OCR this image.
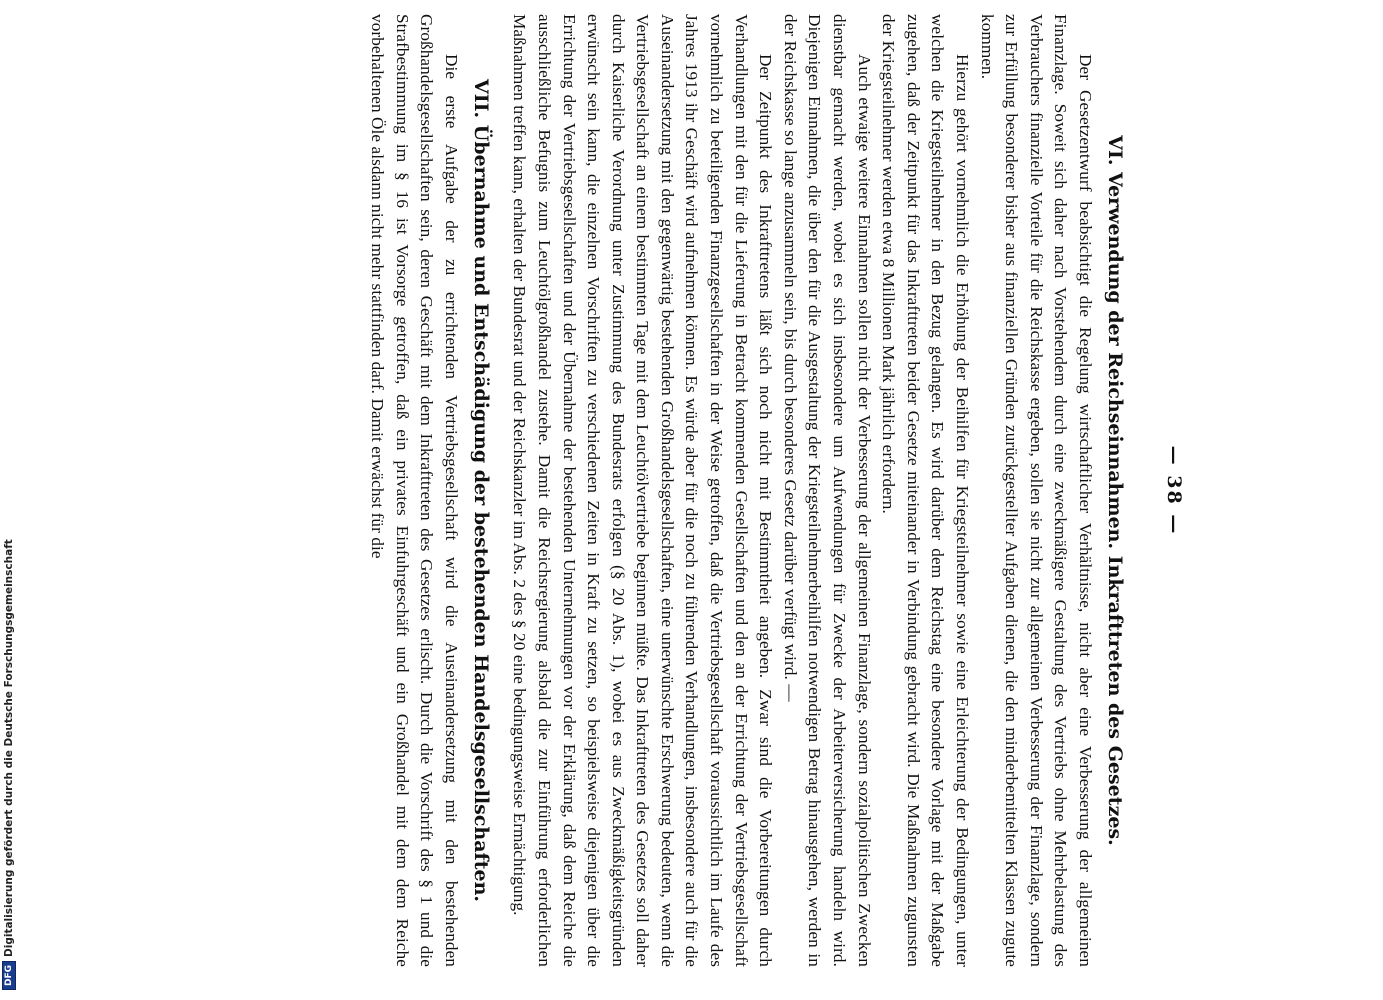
— 38 —
VI. Verwendung der Reichseinnahmen. Inkrafttreten des Gesetzes.

Der Gesetzentwurf beabsichtigt die Regelung wirtschaftlicher Verhältnisse, nicht aber eine Verbesserung der allgemeinen Finanzlage. Soweit sich daher nach Vorstehendem durch eine zweckmäßigere Gestaltung des Vertriebs ohne Mehrbelastung des Verbrauchers finanzielle Vorteile für die Reichskasse ergeben, sollen sie nicht zur allgemeinen Verbesserung der Finanzlage, sondern zur Erfüllung besonderer bisher aus finanziellen Gründen zurückgestellter Aufgaben dienen, die den minderbemittelten Klassen zugute kommen.

Hierzu gehört vornehmlich die Erhöhung der Beihilfen für Kriegsteilnehmer sowie eine Erleichterung der Bedingungen, unter welchen die Kriegsteilnehmer in den Bezug gelangen. Es wird darüber dem Reichstag eine besondere Vorlage mit der Maßgabe zugehen, daß der Zeitpunkt für das Inkrafttreten beider Gesetze miteinander in Verbindung gebracht wird. Die Maßnahmen zugunsten der Kriegsteilnehmer werden etwa 8 Millionen Mark jährlich erfordern.

Auch etwaige weitere Einnahmen sollen nicht der Verbesserung der allgemeinen Finanzlage, sondern sozialpolitischen Zwecken dienstbar gemacht werden, wobei es sich insbesondere um Aufwendungen für Zwecke der Arbeiterversicherung handeln wird. Diejenigen Einnahmen, die über den für die Ausgestaltung der Kriegsteilnehmerbeihilfen notwendigen Betrag hinausgehen, werden in der Reichskasse so lange anzusammeln sein, bis durch besonderes Gesetz darüber verfügt wird. —

Der Zeitpunkt des Inkrafttretens läßt sich noch nicht mit Bestimmtheit angeben. Zwar sind die Vorbereitungen durch Verhandlungen mit den für die Lieferung in Betracht kommenden Gesellschaften und den an der Errichtung der Vertriebsgesellschaft vornehmlich zu beteiligenden Finanzgesellschaften in der Weise getroffen, daß die Vertriebsgesellschaft voraussichtlich im Laufe des Jahres 1913 ihr Geschäft wird aufnehmen können. Es würde aber für die noch zu führenden Verhandlungen, insbesondere auch für die Auseinandersetzung mit den gegenwärtig bestehenden Großhandelsgesellschaften, eine unerwünschte Erschwerung bedeuten, wenn die Vertriebsgesellschaft an einem bestimmten Tage mit dem Leuchtölvertriebe beginnen müßte. Das Inkrafttreten des Gesetzes soll daher durch Kaiserliche Verordnung unter Zustimmung des Bundesrats erfolgen (§ 20 Abs. 1), wobei es aus Zweckmäßigkeitsgründen erwünscht sein kann, die einzelnen Vorschriften zu verschiedenen Zeiten in Kraft zu setzen, so beispielsweise diejenigen über die Errichtung der Vertriebsgesellschaften und der Übernahme der bestehenden Unternehmungen vor der Erklärung, daß dem Reiche die ausschließliche Befugnis zum Leuchtölgroßhandel zustehe. Damit die Reichsregierung alsbald die zur Einführung erforderlichen Maßnahmen treffen kann, erhalten der Bundesrat und der Reichskanzler im Abs. 2 des § 20 eine bedingungsweise Ermächtigung.

VII. Übernahme und Entschädigung der bestehenden Handelsgesellschaften.

Die erste Aufgabe der zu errichtenden Vertriebsgesellschaft wird die Auseinandersetzung mit den bestehenden Großhandelsgesellschaften sein, deren Geschäft mit dem Inkrafttreten des Gesetzes erlischt. Durch die Vorschrift des § 1 und die Strafbestimmung im § 16 ist Vorsorge getroffen, daß ein privates Einfuhrgeschäft und ein Großhandel mit dem dem Reiche vorbehaltenen Öle alsdann nicht mehr stattfinden darf. Damit erwächst für die

DFG
Digitalisierung gefördert durch die Deutsche Forschungsgemeinschaft
